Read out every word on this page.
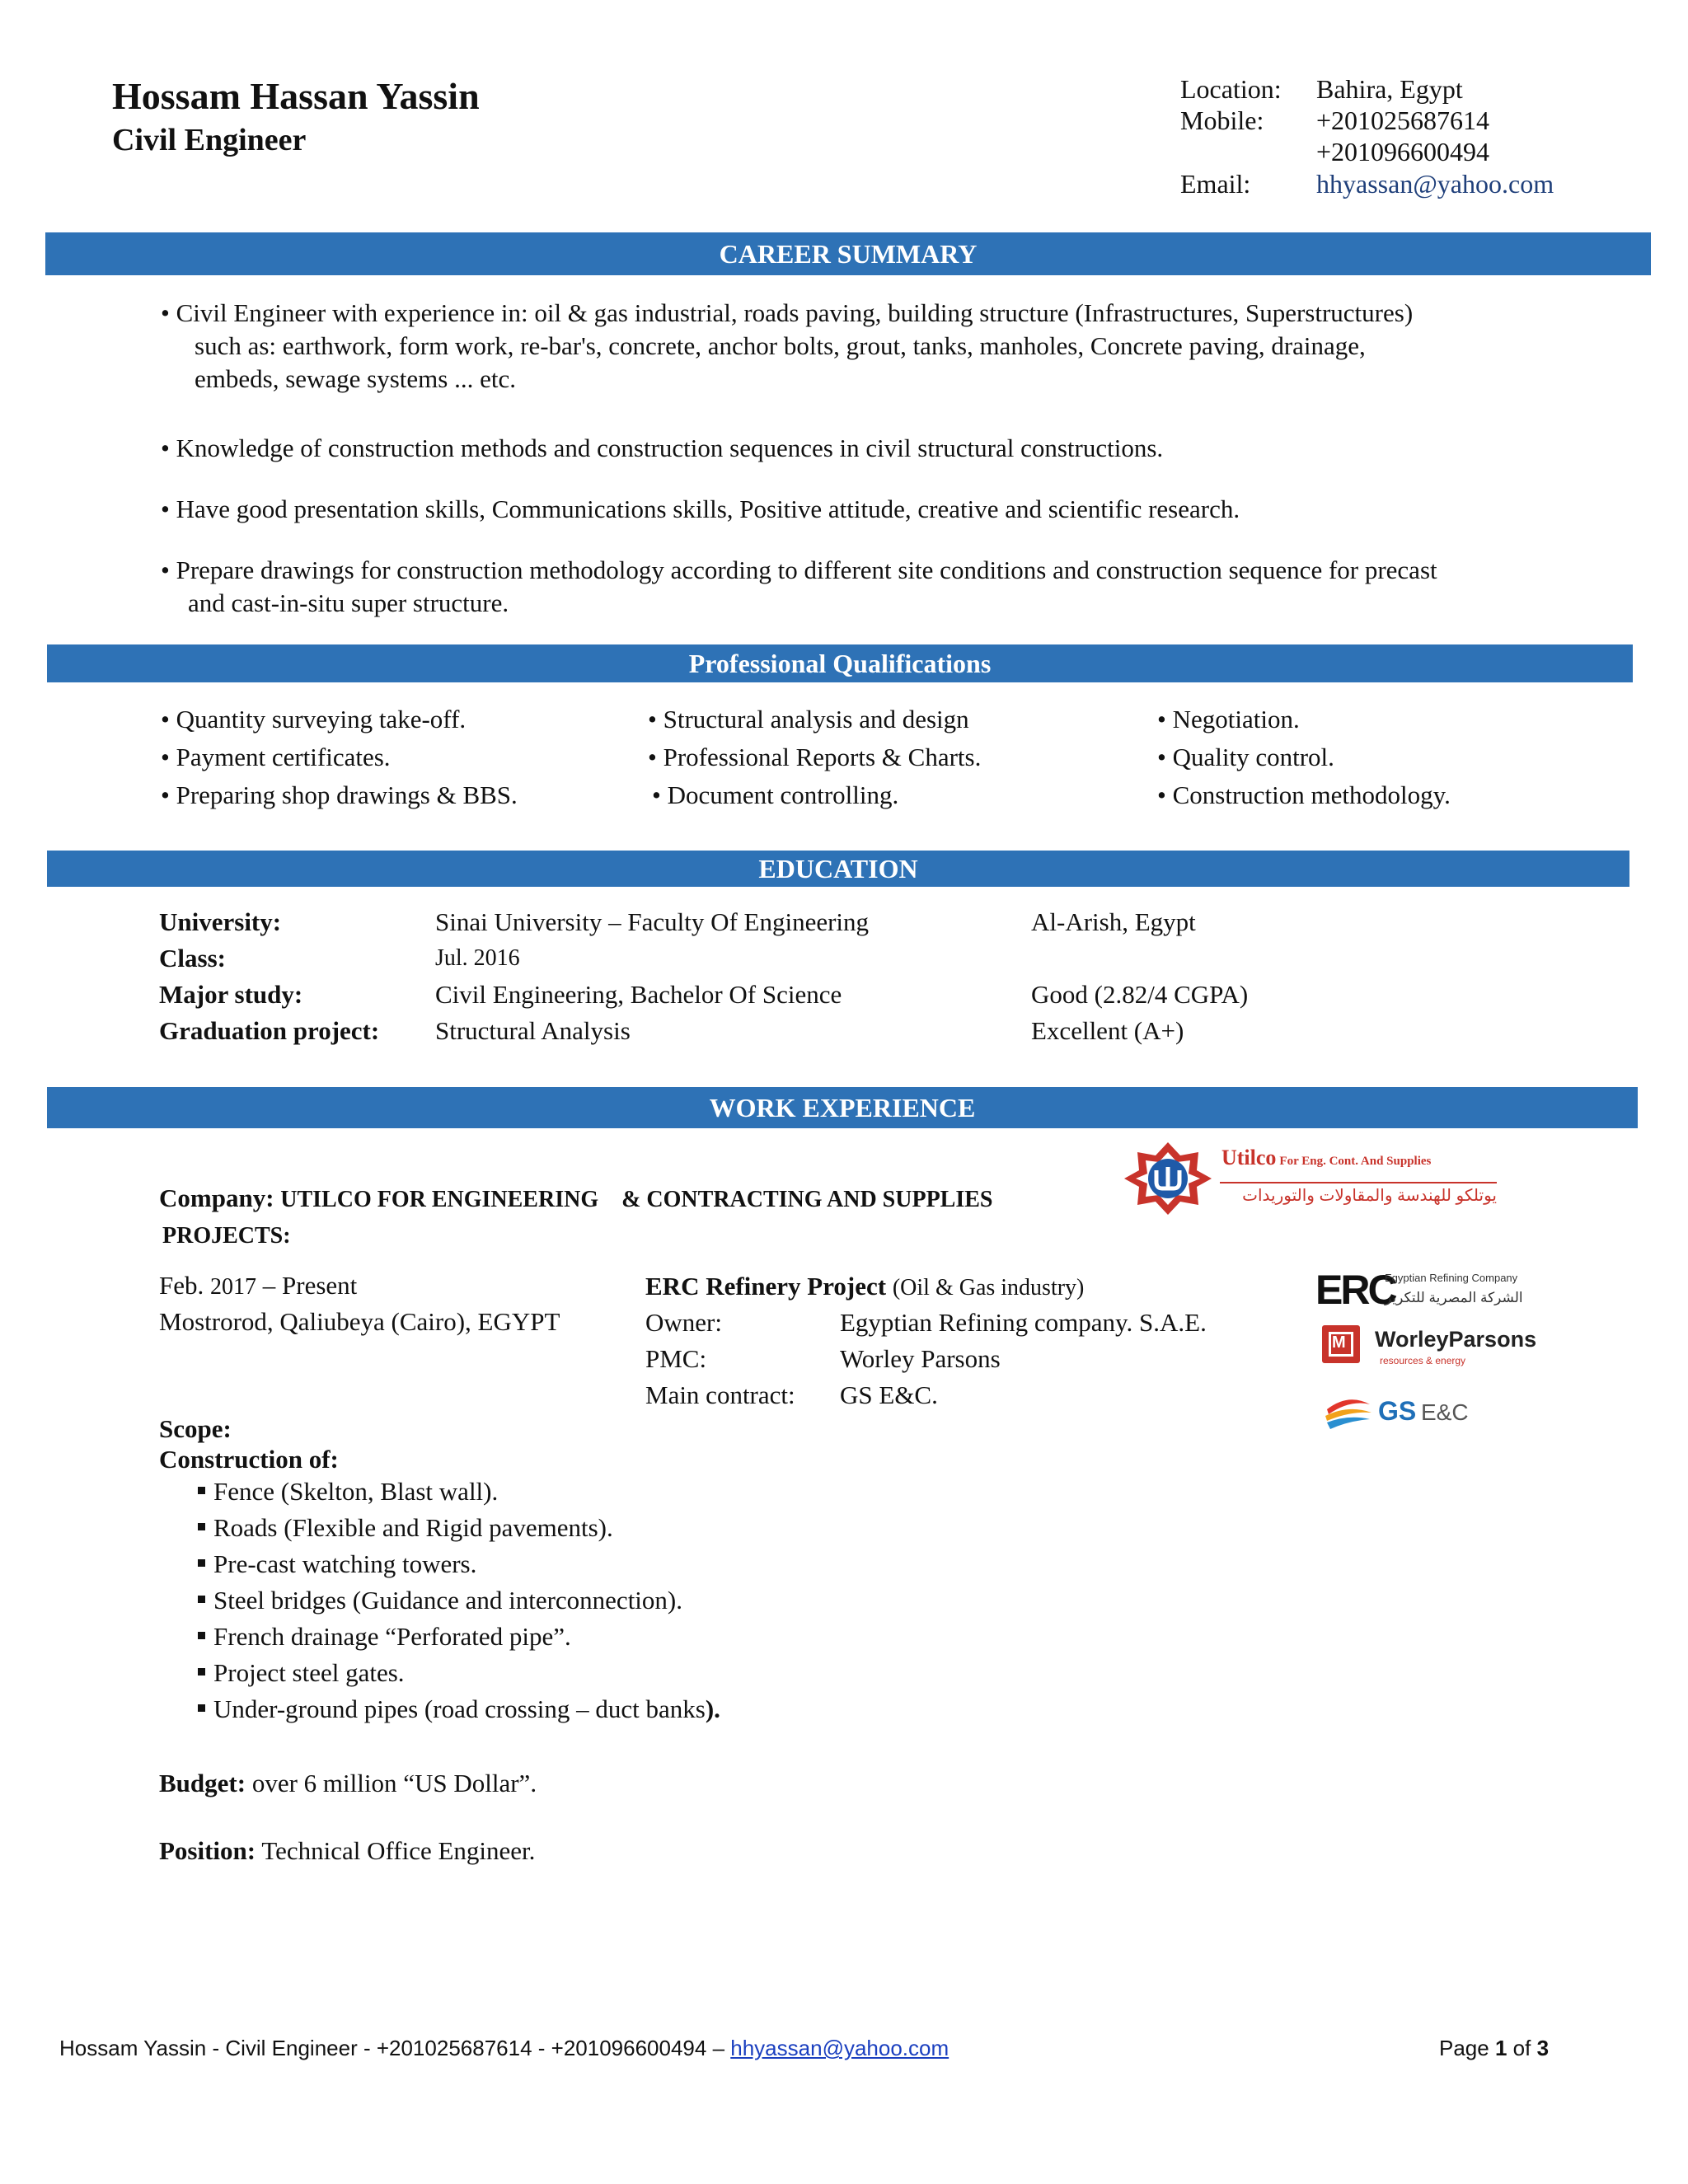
Hossam Hassan Yassin
Civil Engineer
Location: Bahira, Egypt
Mobile: +201025687614
+201096600494
Email: hhyassan@yahoo.com
CAREER SUMMARY
• Civil Engineer with experience in: oil & gas industrial, roads paving, building structure (Infrastructures, Superstructures)
such as: earthwork, form work, re-bar's, concrete, anchor bolts, grout, tanks, manholes, Concrete paving, drainage,
embeds, sewage systems ... etc.
• Knowledge of construction methods and construction sequences in civil structural constructions.
• Have good presentation skills, Communications skills, Positive attitude, creative and scientific research.
• Prepare drawings for construction methodology according to different site conditions and construction sequence for precast
and cast-in-situ super structure.
Professional Qualifications
• Quantity surveying take-off.
• Payment certificates.
• Preparing shop drawings & BBS.
• Structural analysis and design
• Professional Reports & Charts.
• Document controlling.
• Negotiation.
• Quality control.
• Construction methodology.
EDUCATION
University:	Sinai University – Faculty Of Engineering	Al-Arish, Egypt
Class:	Jul. 2016
Major study:	Civil Engineering, Bachelor Of Science	Good (2.82/4 CGPA)
Graduation project: Structural Analysis	Excellent (A+)
WORK EXPERIENCE
Company: UTILCO FOR ENGINEERING    & CONTRACTING AND SUPPLIES
PROJECTS:
Utilco For Eng. Cont. And Supplies
يوتلكو للهندسة والمقاولات والتوريدات
Feb. 2017 – Present
Mostrorod, Qaliubeya (Cairo), EGYPT
ERC Refinery Project (Oil & Gas industry)
Owner:	Egyptian Refining company. S.A.E.
PMC:	Worley Parsons
Main contract: GS E&C.
ERC
Egyptian Refining Company
الشركة المصرية للتكرير
M WorleyParsons
resources & energy
GS E&C
Scope:
Construction of:
Fence (Skelton, Blast wall).
Roads (Flexible and Rigid pavements).
Pre-cast watching towers.
Steel bridges (Guidance and interconnection).
French drainage “Perforated pipe”.
Project steel gates.
Under-ground pipes (road crossing – duct banks).
Budget: over 6 million “US Dollar”.
Position: Technical Office Engineer.
Hossam Yassin - Civil Engineer - +201025687614 - +201096600494 – hhyassan@yahoo.com	Page 1 of 3
